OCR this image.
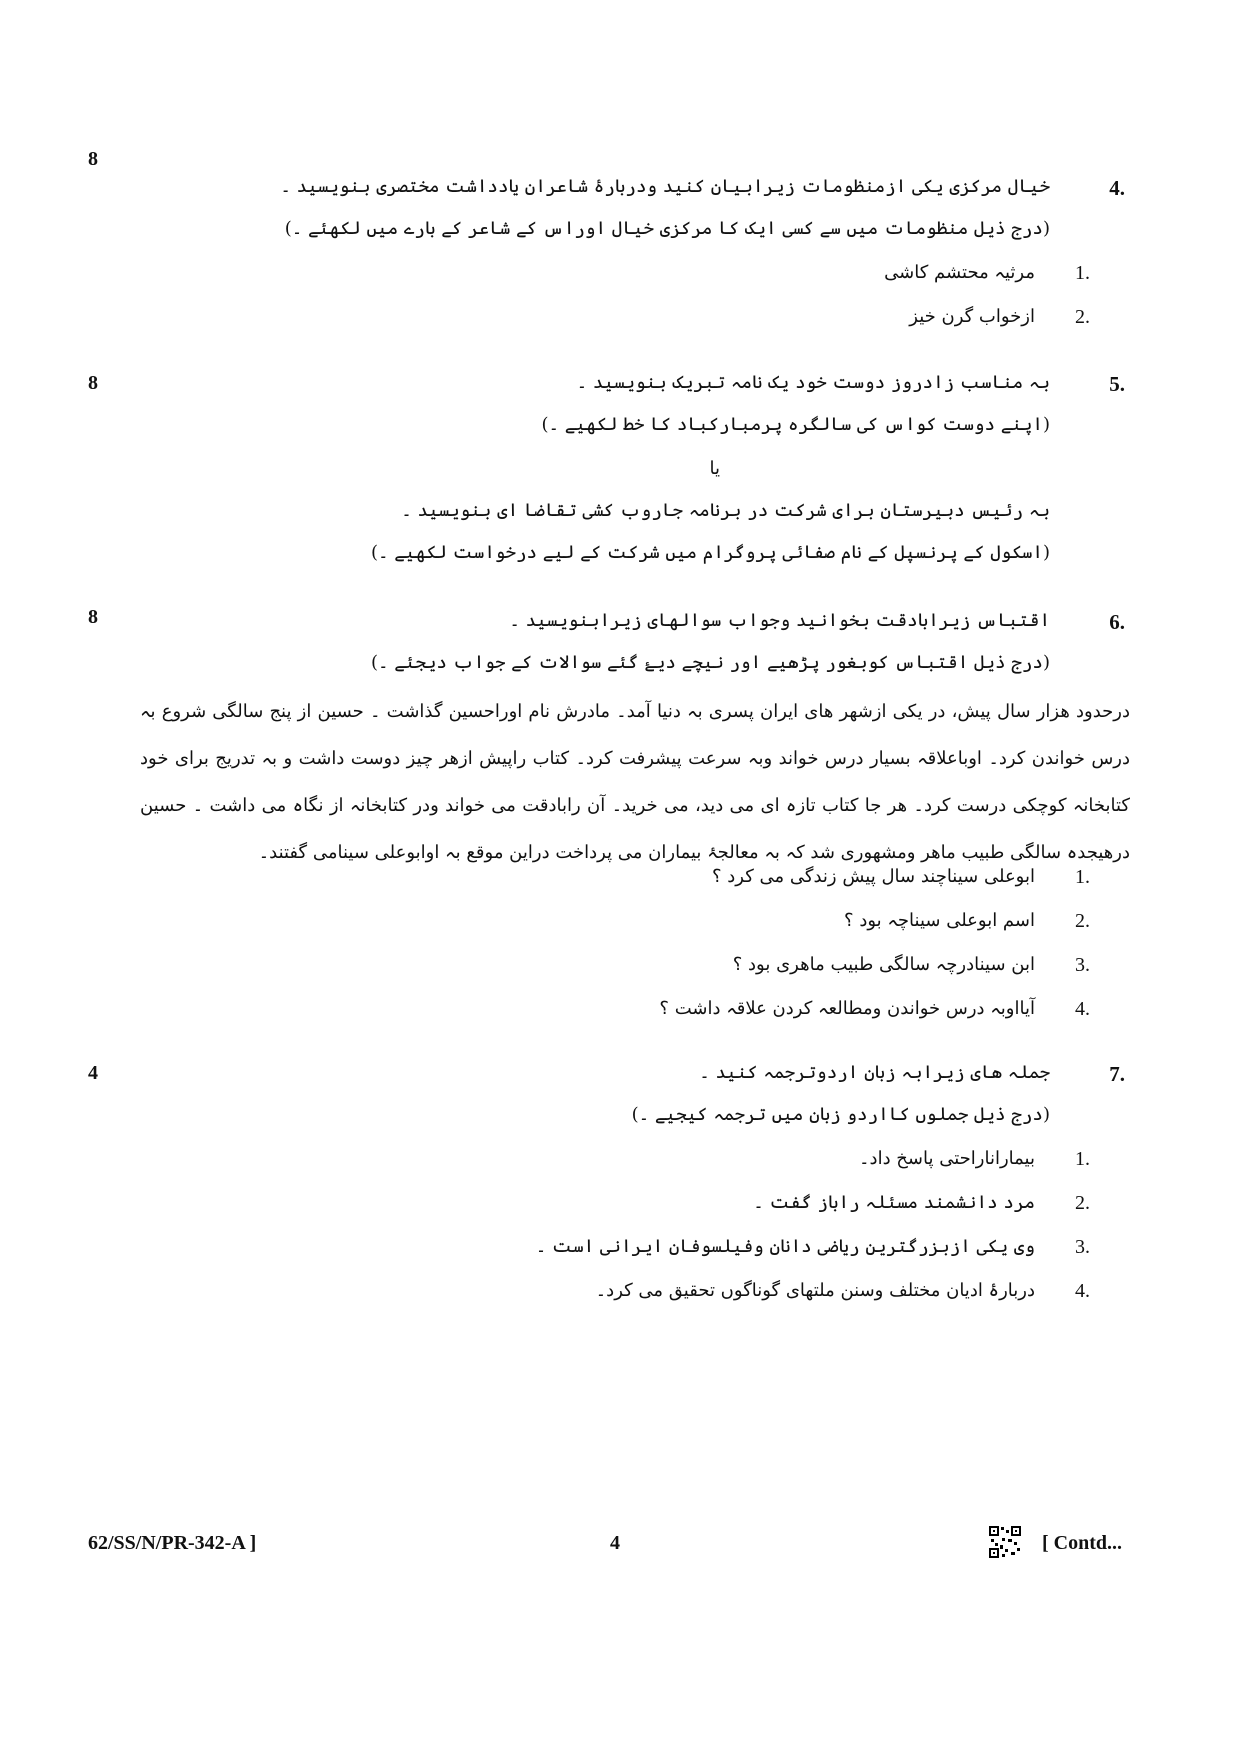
8
4.
خیال مرکزی یکی ازمنظومات زیرابیان کنید ودربارۂ شاعران یادداشت مختصری بنویسید ۔
(درج ذیل منظومات میں سے کسی ایک کا مرکزی خیال اوراس کے شاعر کے بارے میں لکھئے ۔)
1.
مرثیہ محتشم کاشی
2.
ازخواب گرن خیز
8	5.
بہ مناسب زادروز دوست خود یک نامہ تبریک بنویسید ۔
(اپنے دوست کواس کی سالگرہ پرمبارکباد کا خط لکھیے ۔)
یا
بہ رئیس دبیرستان برای شرکت در برنامہ جاروب کشی تقاضا ای بنویسید ۔
(اسکول کے پرنسپل کے نام صفائی پروگرام میں شرکت کے لیے درخواست لکھیے ۔)
8	6.
اقتباس زیرابادقت بخوانید وجواب سوالهای زیرابنویسید ۔
(درج ذیل اقتباس کوبغور پڑھیے اور نیچے دیۓ گئے سوالات کے جواب دیجئے ۔)
درحدود هزار سال پیش، در یکی ازشهر های ایران پسری بہ دنیا آمد۔ مادرش نام اوراحسین گذاشت ۔ حسین از پنج سالگی شروع بہ درس خواندن کرد۔ اوباعلاقہ بسیار درس خواند وبہ سرعت پیشرفت کرد۔ کتاب راپیش ازهر چیز دوست داشت و بہ تدریج برای خود کتابخانہ کوچکی درست کرد۔ هر جا کتاب تازہ ای می دید، می خرید۔ آن رابادقت می خواند ودر کتابخانہ از نگاہ می داشت ۔ حسین درهیجدہ سالگی طبیب ماهر ومشهوری شد کہ بہ معالجۂ بیماران می پرداخت دراین موقع بہ اوابوعلی سینامی گفتند۔
1.
ابوعلی سیناچند سال پیش زندگی می کرد ؟
2.
اسم ابوعلی سیناچہ بود ؟
3.
ابن سینادرچہ سالگی طبیب ماهری بود ؟
4.
آیااوبہ درس خواندن ومطالعہ کردن علاقہ داشت ؟
4	7.
جملہ های زیرابہ زبان اردوترجمہ کنید ۔
(درج ذیل جملوں کااردو زبان میں ترجمہ کیجیے ۔)
1.
بیماراناراحتی پاسخ داد۔
2.
مرد دانشمند مسئلہ راباز گفت ۔
3.
وی یکی ازبزرگترین ریاضی دانان وفیلسوفان ایرانی است ۔
4.
دربارۂ ادیان مختلف وسنن ملتهای گوناگوں تحقیق می کرد۔
62/SS/N/PR-342-A ]	4	[ Contd...
